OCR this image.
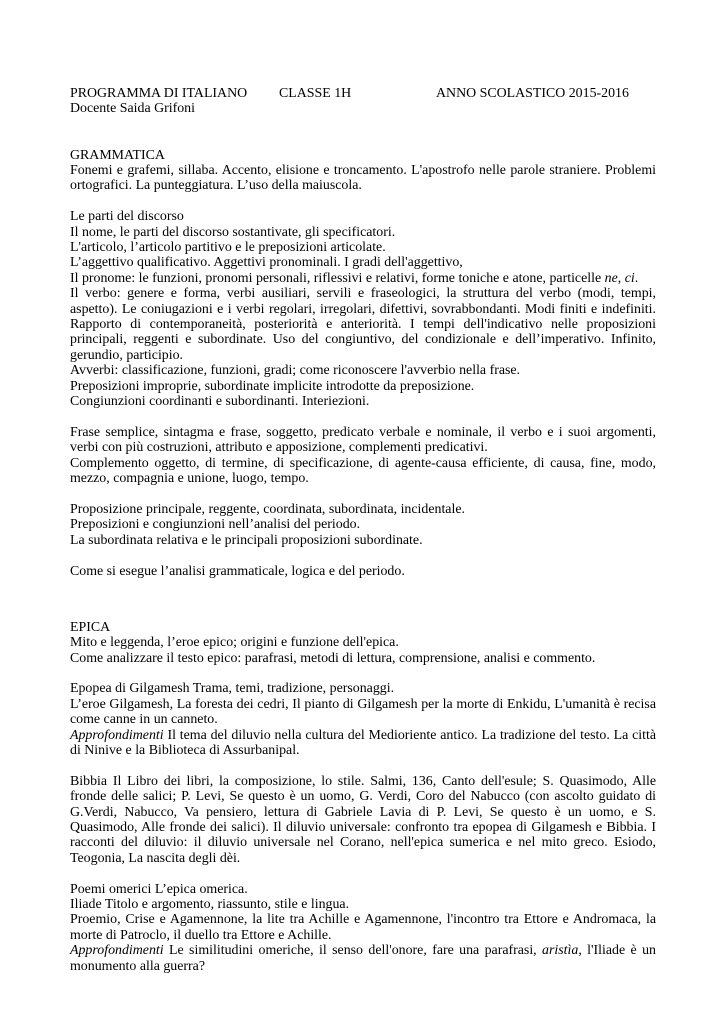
PROGRAMMA DI ITALIANO CLASSE 1H	ANNO SCOLASTICO 2015-2016

Docente Saida Grifoni

GRAMMATICA

Fonemi e grafemi, sillaba. Accento, elisione e troncamento. L'apostrofo nelle parole straniere. Problemi ortografici. La punteggiatura. L’uso della maiuscola.

Le parti del discorso

Il nome, le parti del discorso sostantivate, gli specificatori.

L'articolo, l’articolo partitivo e le preposizioni articolate.

L’aggettivo qualificativo. Aggettivi pronominali. I gradi dell'aggettivo,

Il pronome: le funzioni, pronomi personali, riflessivi e relativi, forme toniche e atone, particelle ne, ci.

Il verbo: genere e forma, verbi ausiliari, servili e fraseologici, la struttura del verbo (modi, tempi, aspetto). Le coniugazioni e i verbi regolari, irregolari, difettivi, sovrabbondanti. Modi finiti e indefiniti. Rapporto di contemporaneità, posteriorità e anteriorità. I tempi dell'indicativo nelle proposizioni principali, reggenti e subordinate. Uso del congiuntivo, del condizionale e dell’imperativo. Infinito, gerundio, participio.

Avverbi: classificazione, funzioni, gradi; come riconoscere l'avverbio nella frase.

Preposizioni improprie, subordinate implicite introdotte da preposizione.

Congiunzioni coordinanti e subordinanti. Interiezioni.

Frase semplice, sintagma e frase, soggetto, predicato verbale e nominale, il verbo e i suoi argomenti, verbi con più costruzioni, attributo e apposizione, complementi predicativi.

Complemento oggetto, di termine, di specificazione, di agente-causa efficiente, di causa, fine, modo, mezzo, compagnia e unione, luogo, tempo.

Proposizione principale, reggente, coordinata, subordinata, incidentale.

Preposizioni e congiunzioni nell’analisi del periodo.

La subordinata relativa e le principali proposizioni subordinate.

Come si esegue l’analisi grammaticale, logica e del periodo.

EPICA

Mito e leggenda, l’eroe epico; origini e funzione dell'epica.

Come analizzare il testo epico: parafrasi, metodi di lettura, comprensione, analisi e commento.

Epopea di Gilgamesh Trama, temi, tradizione, personaggi.

L’eroe Gilgamesh, La foresta dei cedri, Il pianto di Gilgamesh per la morte di Enkidu, L'umanità è recisa come canne in un canneto.

Approfondimenti Il tema del diluvio nella cultura del Medioriente antico. La tradizione del testo. La città di Ninive e la Biblioteca di Assurbanipal.

Bibbia Il Libro dei libri, la composizione, lo stile. Salmi, 136, Canto dell'esule; S. Quasimodo, Alle fronde delle salici; P. Levi, Se questo è un uomo, G. Verdi, Coro del Nabucco (con ascolto guidato di G.Verdi, Nabucco, Va pensiero, lettura di Gabriele Lavia di P. Levi, Se questo è un uomo, e S. Quasimodo, Alle fronde dei salici). Il diluvio universale: confronto tra epopea di Gilgamesh e Bibbia. I racconti del diluvio: il diluvio universale nel Corano, nell'epica sumerica e nel mito greco. Esiodo, Teogonia, La nascita degli dèi.

Poemi omerici L’epica omerica.

Iliade Titolo e argomento, riassunto, stile e lingua.

Proemio, Crise e Agamennone, la lite tra Achille e Agamennone, l'incontro tra Ettore e Andromaca, la morte di Patroclo, il duello tra Ettore e Achille.

Approfondimenti Le similitudini omeriche, il senso dell'onore, fare una parafrasi, aristìa, l'Iliade è un monumento alla guerra?
